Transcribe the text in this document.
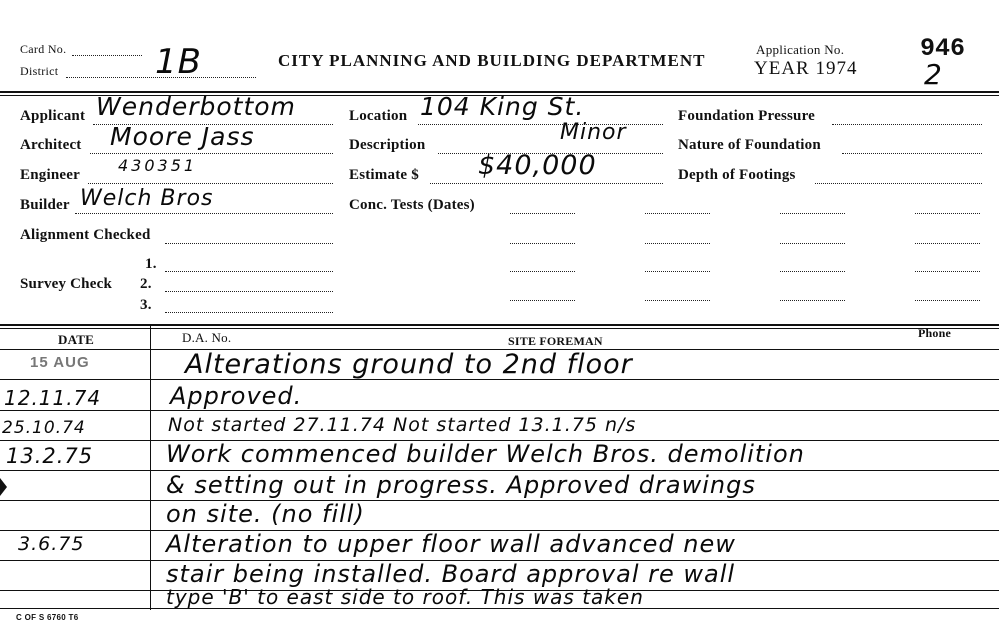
Card No.
District	1B	CITY PLANNING AND BUILDING DEPARTMENT
Application No.
YEAR 1974
946
2
Applicant Wenderbottom
Architect Moore Jass
Engineer 430351
Builder Welch Bros
Alignment Checked
1.
Survey Check 2.
3.
Location 104 King St.
Description	Minor
Estimate $ $40,000
Conc. Tests (Dates)
Foundation Pressure
Nature of Foundation
Depth of Footings
DATE	D.A. No.	SITE FOREMAN
Phone
15 AUG	Alterations ground to 2nd floor
12.11.74	Approved.
25.10.74	Not started 27.11.74 Not started 13.1.75 n/s
13.2.75	Work commenced builder Welch Bros. demolition
& setting out in progress. Approved drawings
on site. (no fill)
3.6.75	Alteration to upper floor wall advanced new
stair being installed. Board approval re wall
type 'B' to east side to roof. This was taken
C OF S 6760 T6
